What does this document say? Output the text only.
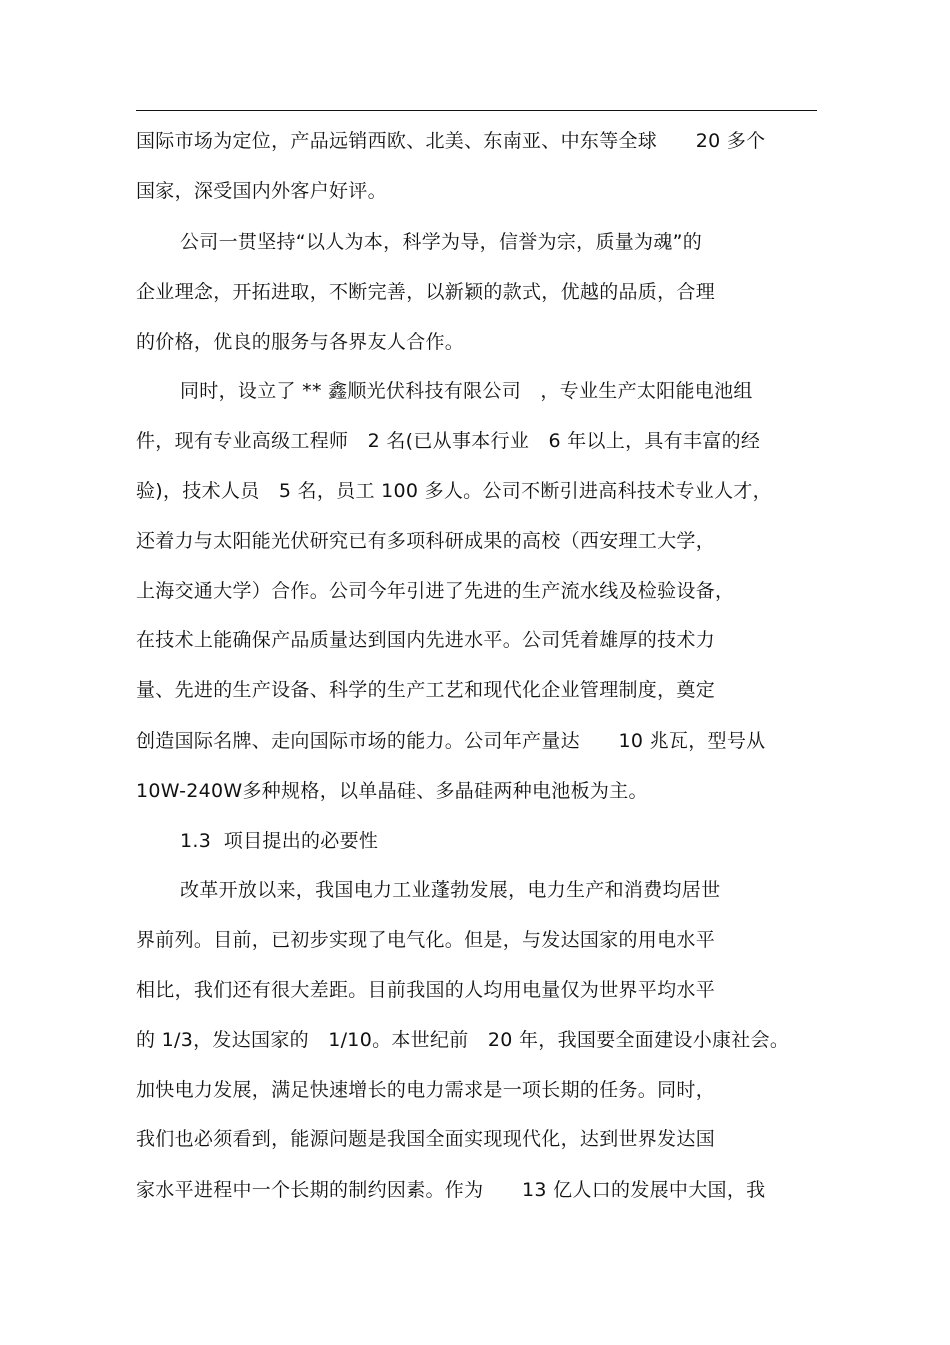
国际市场为定位，产品远销西欧、北美、东南亚、中东等全球　　20 多个
国家，深受国内外客户好评。
公司一贯坚持“以人为本，科学为导，信誉为宗，质量为魂”的
企业理念，开拓进取，不断完善，以新颖的款式，优越的品质，合理
的价格，优良的服务与各界友人合作。
同时，设立了 ** 鑫顺光伏科技有限公司　，专业生产太阳能电池组
件，现有专业高级工程师　2 名(已从事本行业　6 年以上，具有丰富的经
验)，技术人员　5 名，员工 100 多人。公司不断引进高科技术专业人才，
还着力与太阳能光伏研究已有多项科研成果的高校（西安理工大学，
上海交通大学）合作。公司今年引进了先进的生产流水线及检验设备，
在技术上能确保产品质量达到国内先进水平。公司凭着雄厚的技术力
量、先进的生产设备、科学的生产工艺和现代化企业管理制度，奠定
创造国际名牌、走向国际市场的能力。公司年产量达　　10 兆瓦，型号从
10W-240W多种规格，以单晶硅、多晶硅两种电池板为主。
1.3  项目提出的必要性
改革开放以来，我国电力工业蓬勃发展，电力生产和消费均居世
界前列。目前，已初步实现了电气化。但是，与发达国家的用电水平
相比，我们还有很大差距。目前我国的人均用电量仅为世界平均水平
的 1/3，发达国家的　1/10。本世纪前　20 年，我国要全面建设小康社会。
加快电力发展，满足快速增长的电力需求是一项长期的任务。同时，
我们也必须看到，能源问题是我国全面实现现代化，达到世界发达国
家水平进程中一个长期的制约因素。作为　　13 亿人口的发展中大国，我
